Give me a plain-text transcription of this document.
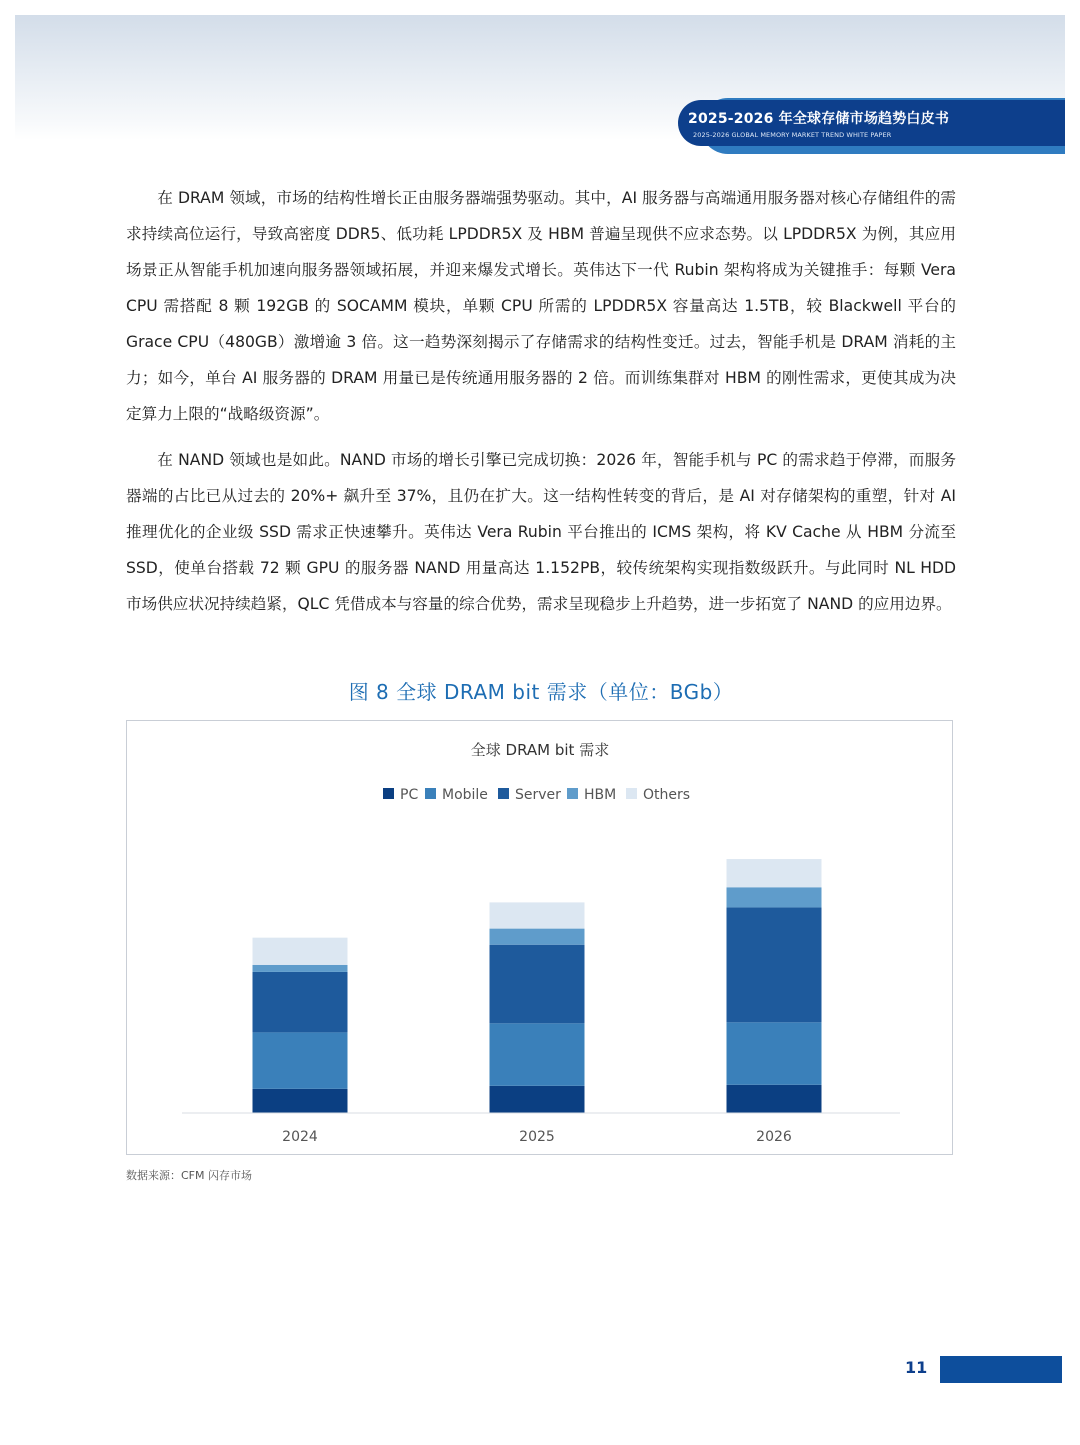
2025-2026 年全球存储市场趋势白皮书
2025-2026 GLOBAL MEMORY MARKET TREND WHITE PAPER

在 DRAM 领域，市场的结构性增长正由服务器端强势驱动。其中，AI 服务器与高端通用服务器对核心存储组件的需求持续高位运行，导致高密度 DDR5、低功耗 LPDDR5X 及 HBM 普遍呈现供不应求态势。以 LPDDR5X 为例，其应用场景正从智能手机加速向服务器领域拓展，并迎来爆发式增长。英伟达下一代 Rubin 架构将成为关键推手：每颗 Vera CPU 需搭配 8 颗 192GB 的 SOCAMM 模块，单颗 CPU 所需的 LPDDR5X 容量高达 1.5TB，较 Blackwell 平台的 Grace CPU（480GB）激增逾 3 倍。这一趋势深刻揭示了存储需求的结构性变迁。过去，智能手机是 DRAM 消耗的主力；如今，单台 AI 服务器的 DRAM 用量已是传统通用服务器的 2 倍。而训练集群对 HBM 的刚性需求，更使其成为决定算力上限的“战略级资源”。

在 NAND 领域也是如此。NAND 市场的增长引擎已完成切换：2026 年，智能手机与 PC 的需求趋于停滞，而服务器端的占比已从过去的 20%+ 飙升至 37%，且仍在扩大。这一结构性转变的背后，是 AI 对存储架构的重塑，针对 AI 推理优化的企业级 SSD 需求正快速攀升。英伟达 Vera Rubin 平台推出的 ICMS 架构，将 KV Cache 从 HBM 分流至 SSD，使单台搭载 72 颗 GPU 的服务器 NAND 用量高达 1.152PB，较传统架构实现指数级跃升。与此同时 NL HDD 市场供应状况持续趋紧，QLC 凭借成本与容量的综合优势，需求呈现稳步上升趋势，进一步拓宽了 NAND 的应用边界。

图 8 全球 DRAM bit 需求（单位：BGb）
全球 DRAM bit 需求
PC Mobile Server HBM Others
2024	2025	2026
数据来源：CFM 闪存市场
11
